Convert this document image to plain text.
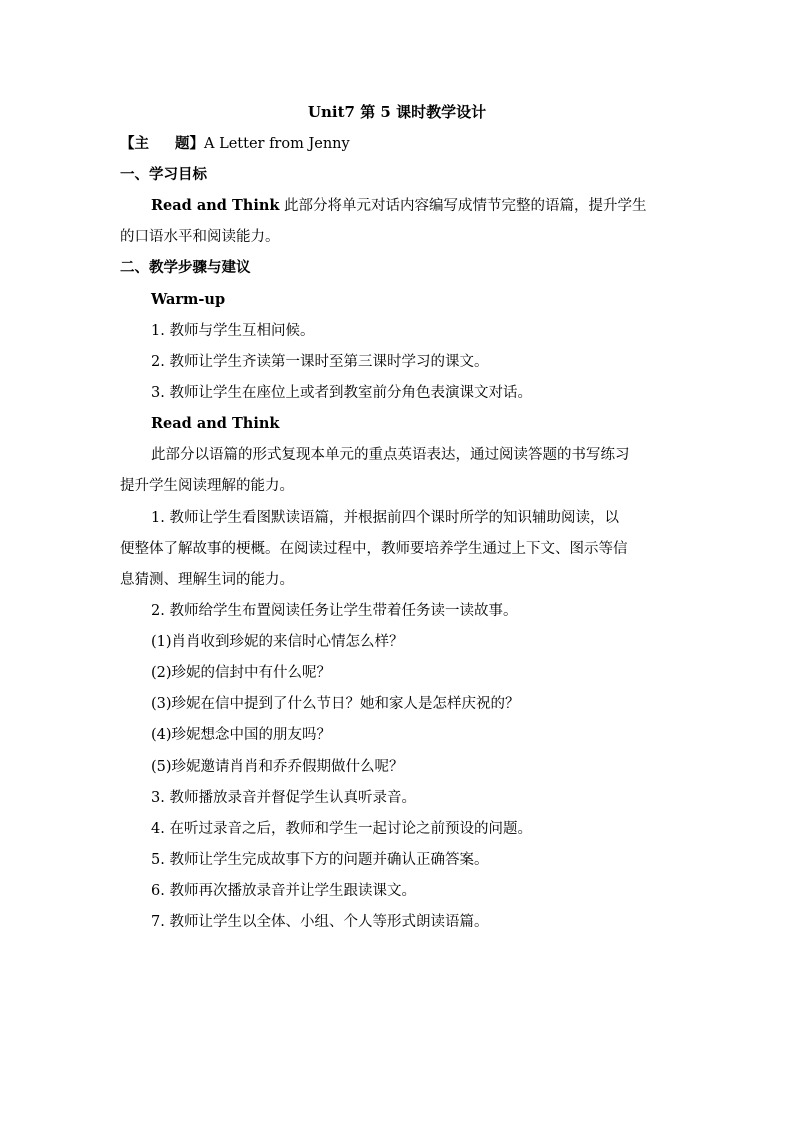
Unit7 第 5 课时教学设计
【主 题】A Letter from Jenny
一、学习目标
Read and Think 此部分将单元对话内容编写成情节完整的语篇，提升学生
的口语水平和阅读能力。
二、教学步骤与建议
Warm-up
1. 教师与学生互相问候。
2. 教师让学生齐读第一课时至第三课时学习的课文。
3. 教师让学生在座位上或者到教室前分角色表演课文对话。
Read and Think
此部分以语篇的形式复现本单元的重点英语表达，通过阅读答题的书写练习
提升学生阅读理解的能力。
1. 教师让学生看图默读语篇，并根据前四个课时所学的知识辅助阅读，以
便整体了解故事的梗概。在阅读过程中，教师要培养学生通过上下文、图示等信
息猜测、理解生词的能力。
2. 教师给学生布置阅读任务让学生带着任务读一读故事。
(1)肖肖收到珍妮的来信时心情怎么样？
(2)珍妮的信封中有什么呢？
(3)珍妮在信中提到了什么节日？她和家人是怎样庆祝的？
(4)珍妮想念中国的朋友吗？
(5)珍妮邀请肖肖和乔乔假期做什么呢？
3. 教师播放录音并督促学生认真听录音。
4. 在听过录音之后，教师和学生一起讨论之前预设的问题。
5. 教师让学生完成故事下方的问题并确认正确答案。
6. 教师再次播放录音并让学生跟读课文。
7. 教师让学生以全体、小组、个人等形式朗读语篇。
